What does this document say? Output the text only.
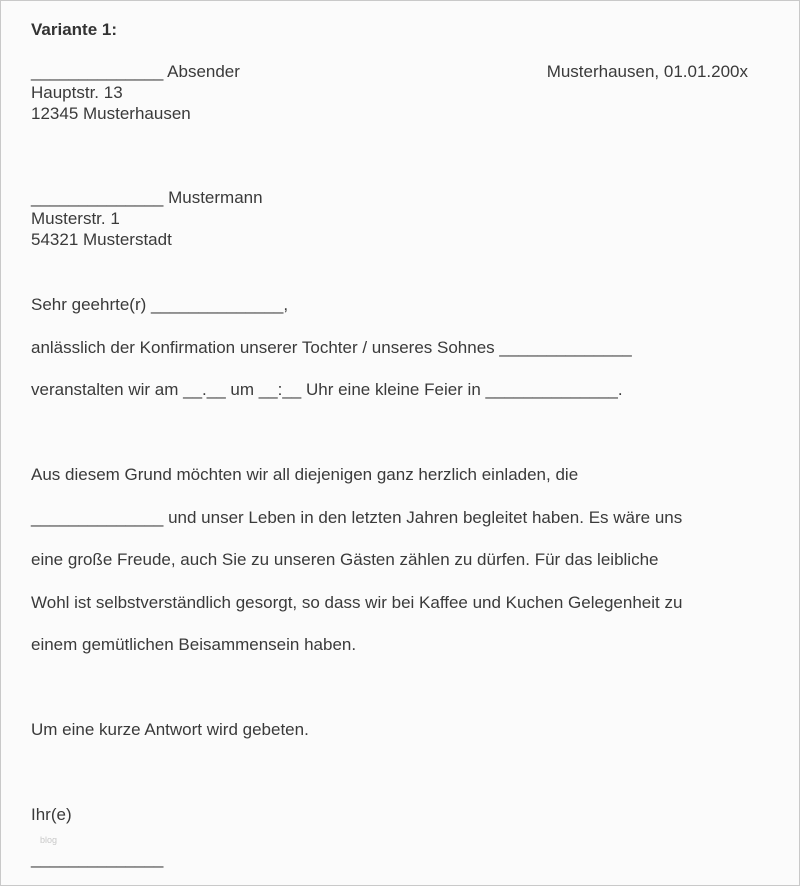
Variante 1:
______________ Absender	Musterhausen, 01.01.200x
Hauptstr. 13
12345 Musterhausen
______________ Mustermann
Musterstr. 1
54321 Musterstadt
Sehr geehrte(r) ______________,
anlässlich der Konfirmation unserer Tochter / unseres Sohnes ______________
veranstalten wir am __.__ um __:__ Uhr eine kleine Feier in ______________.
Aus diesem Grund möchten wir all diejenigen ganz herzlich einladen, die
______________ und unser Leben in den letzten Jahren begleitet haben. Es wäre uns
eine große Freude, auch Sie zu unseren Gästen zählen zu dürfen. Für das leibliche
Wohl ist selbstverständlich gesorgt, so dass wir bei Kaffee und Kuchen Gelegenheit zu
einem gemütlichen Beisammensein haben.
Um eine kurze Antwort wird gebeten.
Ihr(e)
blog
______________
